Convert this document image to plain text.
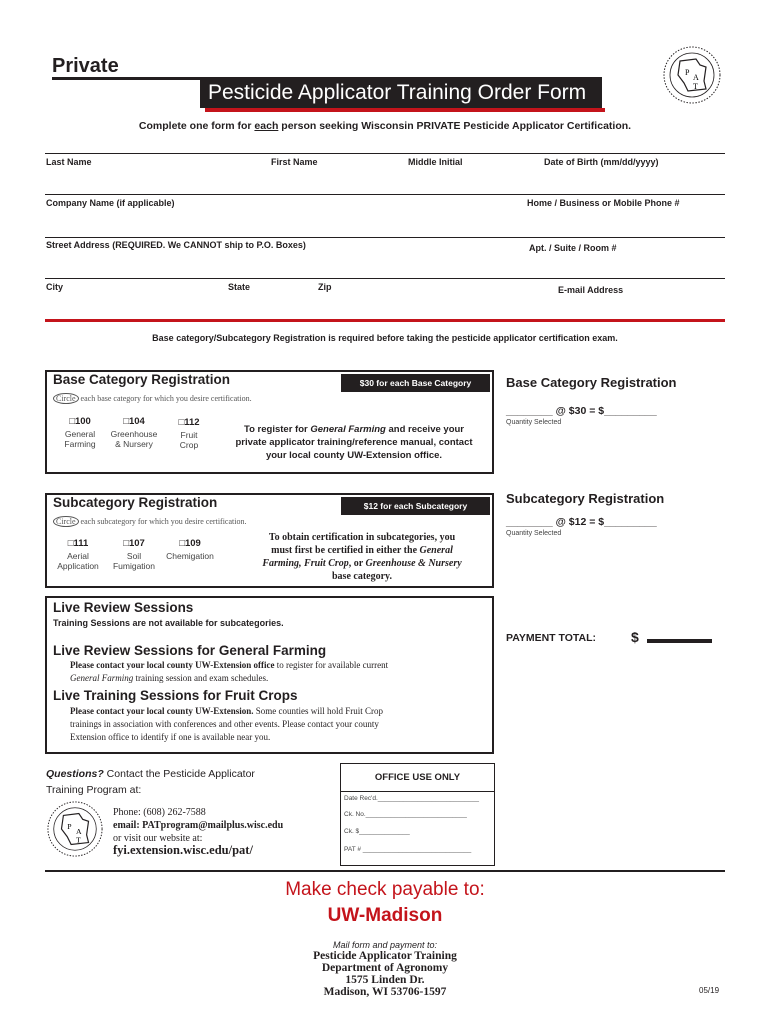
Private
Pesticide Applicator Training Order Form
P
A
T
Complete one form for each person seeking Wisconsin PRIVATE Pesticide Applicator Certification.
Last Name	First Name	Middle Initial	Date of Birth (mm/dd/yyyy)
Company Name (if applicable)	Home / Business or Mobile Phone #
Street Address (REQUIRED. We CANNOT ship to P.O. Boxes)	Apt. / Suite / Room #
City	State	Zip	E-mail Address
Base category/Subcategory Registration is required before taking the pesticide applicator certification exam.
Base Category Registration	$30 for each Base Category
Circle each base category for which you desire certification.
□100
General
Farming
□104
Greenhouse
& Nursery
□112
Fruit
Crop
To register for General Farming and receive your private applicator training/reference manual, contact your local county UW-Extension office.
Base Category Registration
________ @ $30 = $_________
Quantity Selected
Subcategory Registration	$12 for each Subcategory
Circle each subcategory for which you desire certification.
□111
Aerial
Application
□107
Soil
Fumigation
□109
Chemigation
To obtain certification in subcategories, you
must first be certified in either the General
Farming, Fruit Crop, or Greenhouse & Nursery
base category.
Subcategory Registration
________ @ $12 = $_________
Quantity Selected
Live Review Sessions
Training Sessions are not available for subcategories.
Live Review Sessions for General Farming
Please contact your local county UW-Extension office to register for available current
General Farming training session and exam schedules.
Live Training Sessions for Fruit Crops
Please contact your local county UW-Extension. Some counties will hold Fruit Crop
trainings in association with conferences and other events. Please contact your county
Extension office to identify if one is available near you.
PAYMENT TOTAL: $
Questions? Contact the Pesticide Applicator
Training Program at:
P
A
T
Phone: (608) 262-7588
email: PATprogram@mailplus.wisc.edu
or visit our website at:
fyi.extension.wisc.edu/pat/
OFFICE USE ONLY
Date Rec'd.____________________________
Ck. No.____________________________
Ck. $______________
PAT # ______________________________
Make check payable to:
UW-Madison
Mail form and payment to:
Pesticide Applicator Training
Department of Agronomy
1575 Linden Dr.
Madison, WI 53706-1597	05/19
